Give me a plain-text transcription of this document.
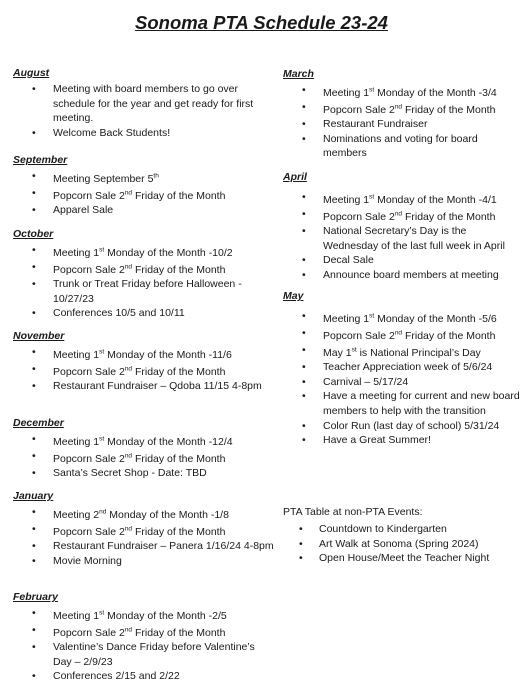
Sonoma PTA Schedule 23-24
August
• Meeting with board members to go over schedule for the year and get ready for first meeting.
• Welcome Back Students!
September
• Meeting September 5th
• Popcorn Sale 2nd Friday of the Month
• Apparel Sale
October
• Meeting 1st Monday of the Month -10/2
• Popcorn Sale 2nd Friday of the Month
• Trunk or Treat Friday before Halloween - 10/27/23
• Conferences 10/5 and 10/11
November
• Meeting 1st Monday of the Month -11/6
• Popcorn Sale 2nd Friday of the Month
• Restaurant Fundraiser – Qdoba 11/15 4-8pm
December
• Meeting 1st Monday of the Month -12/4
• Popcorn Sale 2nd Friday of the Month
• Santa’s Secret Shop - Date: TBD
January
• Meeting 2nd Monday of the Month -1/8
• Popcorn Sale 2nd Friday of the Month
• Restaurant Fundraiser – Panera 1/16/24 4-8pm
• Movie Morning
February
• Meeting 1st Monday of the Month -2/5
• Popcorn Sale 2nd Friday of the Month
• Valentine’s Dance Friday before Valentine’s Day – 2/9/23
• Conferences 2/15 and 2/22
March
• Meeting 1st Monday of the Month -3/4
• Popcorn Sale 2nd Friday of the Month
• Restaurant Fundraiser
• Nominations and voting for board members
April
• Meeting 1st Monday of the Month -4/1
• Popcorn Sale 2nd Friday of the Month
• National Secretary’s Day is the Wednesday of the last full week in April
• Decal Sale
• Announce board members at meeting
May
• Meeting 1st Monday of the Month -5/6
• Popcorn Sale 2nd Friday of the Month
• May 1st is National Principal’s Day
• Teacher Appreciation week of 5/6/24
• Carnival – 5/17/24
• Have a meeting for current and new board members to help with the transition
• Color Run (last day of school) 5/31/24
• Have a Great Summer!
PTA Table at non-PTA Events:
• Countdown to Kindergarten
• Art Walk at Sonoma (Spring 2024)
• Open House/Meet the Teacher Night
